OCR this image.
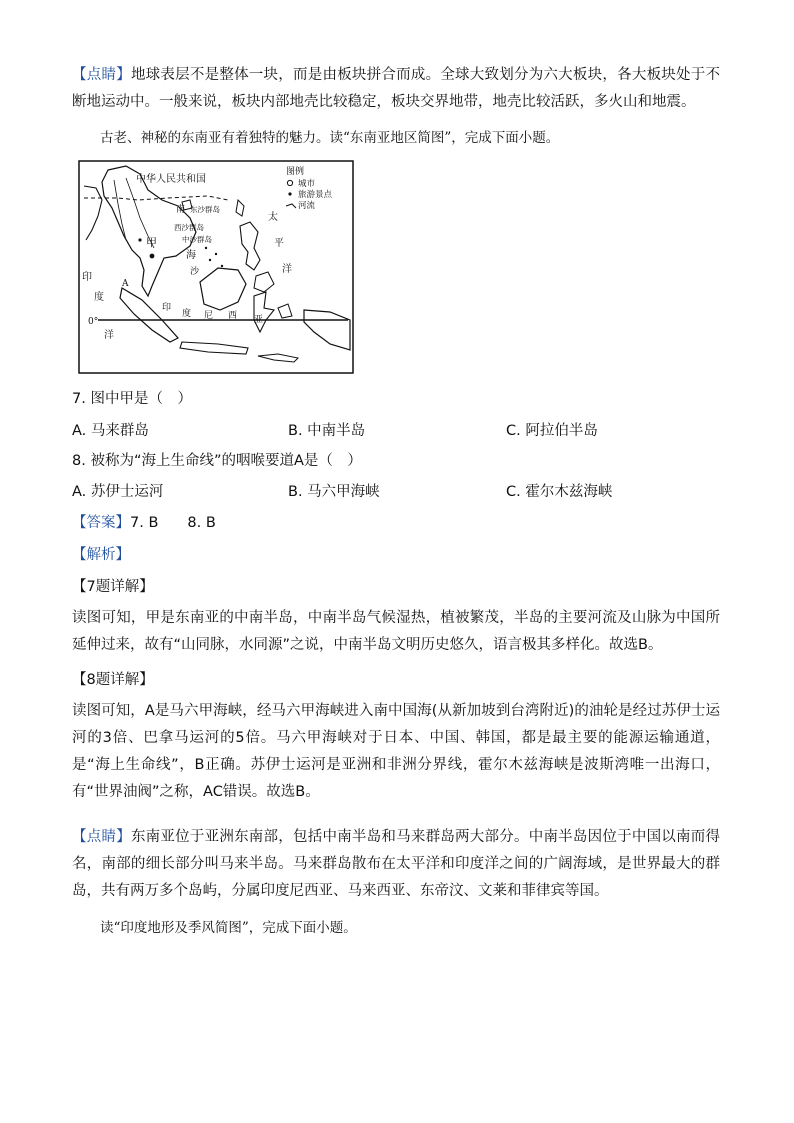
【点睛】地球表层不是整体一块，而是由板块拼合而成。全球大致划分为六大板块，各大板块处于不断地运动中。一般来说，板块内部地壳比较稳定，板块交界地带，地壳比较活跃，多火山和地震。
古老、神秘的东南亚有着独特的魅力。读“东南亚地区简图”，完成下面小题。
图例
城市
旅游景点
河流
中华人民共和国
东沙群岛
南
西沙群岛
中沙群岛
海
沙
甲
A
太
平
洋
印
度
洋
印
度 尼 西 亚
0°
7. 图中甲是（　）
A. 马来群岛	B. 中南半岛	C. 阿拉伯半岛
8. 被称为“海上生命线”的咽喉要道A是（　）
A. 苏伊士运河	B. 马六甲海峡	C. 霍尔木兹海峡
【答案】7. B　　8. B
【解析】
【7题详解】
读图可知，甲是东南亚的中南半岛，中南半岛气候湿热，植被繁茂，半岛的主要河流及山脉为中国所延伸过来，故有“山同脉，水同源”之说，中南半岛文明历史悠久，语言极其多样化。故选B。
【8题详解】
读图可知，A是马六甲海峡，经马六甲海峡进入南中国海(从新加坡到台湾附近)的油轮是经过苏伊士运河的3倍、巴拿马运河的5倍。马六甲海峡对于日本、中国、韩国，都是最主要的能源运输通道，是“海上生命线”，B正确。苏伊士运河是亚洲和非洲分界线，霍尔木兹海峡是波斯湾唯一出海口，有“世界油阀”之称，AC错误。故选B。
【点睛】东南亚位于亚洲东南部，包括中南半岛和马来群岛两大部分。中南半岛因位于中国以南而得名，南部的细长部分叫马来半岛。马来群岛散布在太平洋和印度洋之间的广阔海域，是世界最大的群岛，共有两万多个岛屿，分属印度尼西亚、马来西亚、东帝汶、文莱和菲律宾等国。
读“印度地形及季风简图”，完成下面小题。
